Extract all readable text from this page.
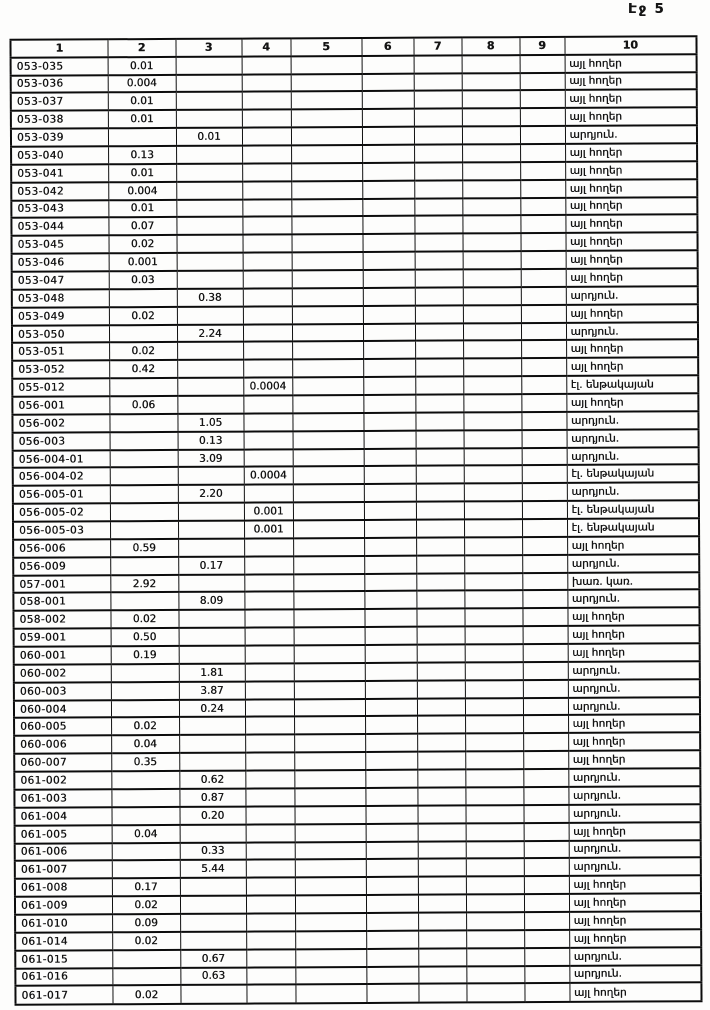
Էջ 5
1	2	3	4	5	6	7	8	9	10
053-035	0.01								այլ հողեր
053-036	0.004								այլ հողեր
053-037	0.01								այլ հողեր
053-038	0.01								այլ հողեր
053-039		0.01							արդյուն.
053-040	0.13								այլ հողեր
053-041	0.01								այլ հողեր
053-042	0.004								այլ հողեր
053-043	0.01								այլ հողեր
053-044	0.07								այլ հողեր
053-045	0.02								այլ հողեր
053-046	0.001								այլ հողեր
053-047	0.03								այլ հողեր
053-048		0.38							արդյուն.
053-049	0.02								այլ հողեր
053-050		2.24							արդյուն.
053-051	0.02								այլ հողեր
053-052	0.42								այլ հողեր
055-012			0.0004						էլ. ենթակայան
056-001	0.06								այլ հողեր
056-002		1.05							արդյուն.
056-003		0.13							արդյուն.
056-004-01		3.09							արդյուն.
056-004-02			0.0004						էլ. ենթակայան
056-005-01		2.20							արդյուն.
056-005-02			0.001						էլ. ենթակայան
056-005-03			0.001						էլ. ենթակայան
056-006	0.59								այլ հողեր
056-009		0.17							արդյուն.
057-001	2.92								խառ. կառ.
058-001		8.09							արդյուն.
058-002	0.02								այլ հողեր
059-001	0.50								այլ հողեր
060-001	0.19								այլ հողեր
060-002		1.81							արդյուն.
060-003		3.87							արդյուն.
060-004		0.24							արդյուն.
060-005	0.02								այլ հողեր
060-006	0.04								այլ հողեր
060-007	0.35								այլ հողեր
061-002		0.62							արդյուն.
061-003		0.87							արդյուն.
061-004		0.20							արդյուն.
061-005	0.04								այլ հողեր
061-006		0.33							արդյուն.
061-007		5.44							արդյուն.
061-008	0.17								այլ հողեր
061-009	0.02								այլ հողեր
061-010	0.09								այլ հողեր
061-014	0.02								այլ հողեր
061-015		0.67							արդյուն.
061-016		0.63							արդյուն.
061-017	0.02								այլ հողեր
